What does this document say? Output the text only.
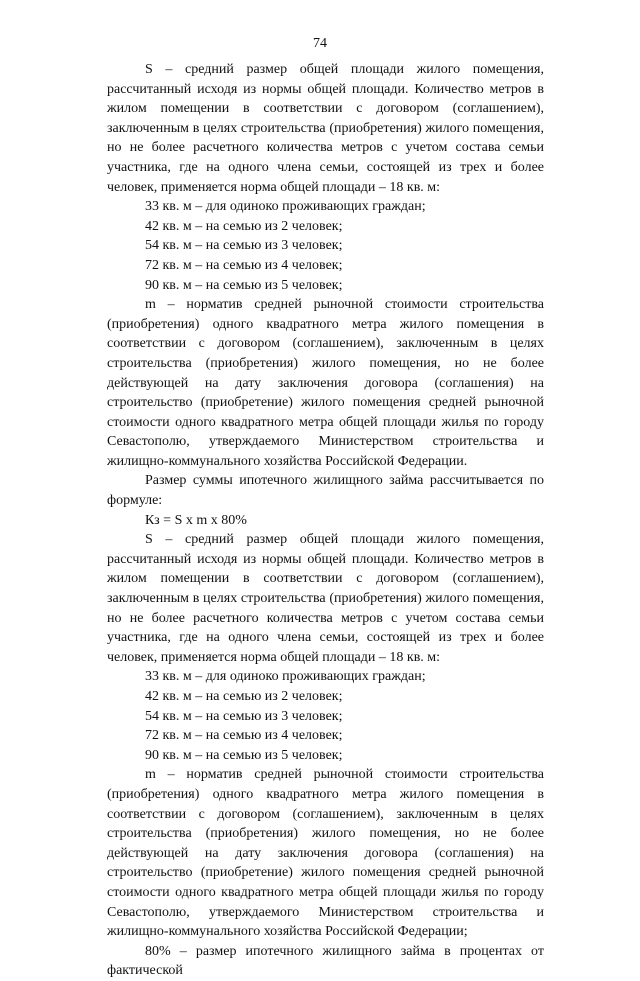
74

S – средний размер общей площади жилого помещения, рассчитанный исходя из нормы общей площади. Количество метров в жилом помещении в соответствии с договором (соглашением), заключенным в целях строительства (приобретения) жилого помещения, но не более расчетного количества метров с учетом состава семьи участника, где на одного члена семьи, состоящей из трех и более человек, применяется норма общей площади – 18 кв. м:

33 кв. м – для одиноко проживающих граждан;

42 кв. м – на семью из 2 человек;

54 кв. м – на семью из 3 человек;

72 кв. м – на семью из 4 человек;

90 кв. м – на семью из 5 человек;

m – норматив средней рыночной стоимости строительства (приобретения) одного квадратного метра жилого помещения в соответствии с договором (соглашением), заключенным в целях строительства (приобретения) жилого помещения, но не более действующей на дату заключения договора (соглашения) на строительство (приобретение) жилого помещения средней рыночной стоимости одного квадратного метра общей площади жилья по городу Севастополю, утверждаемого Министерством строительства и жилищно-коммунального хозяйства Российской Федерации.

Размер суммы ипотечного жилищного займа рассчитывается по формуле:

Кз = S x m x 80%

S – средний размер общей площади жилого помещения, рассчитанный исходя из нормы общей площади. Количество метров в жилом помещении в соответствии с договором (соглашением), заключенным в целях строительства (приобретения) жилого помещения, но не более расчетного количества метров с учетом состава семьи участника, где на одного члена семьи, состоящей из трех и более человек, применяется норма общей площади – 18 кв. м:

33 кв. м – для одиноко проживающих граждан;

42 кв. м – на семью из 2 человек;

54 кв. м – на семью из 3 человек;

72 кв. м – на семью из 4 человек;

90 кв. м – на семью из 5 человек;

m – норматив средней рыночной стоимости строительства (приобретения) одного квадратного метра жилого помещения в соответствии с договором (соглашением), заключенным в целях строительства (приобретения) жилого помещения, но не более действующей на дату заключения договора (соглашения) на строительство (приобретение) жилого помещения средней рыночной стоимости одного квадратного метра общей площади жилья по городу Севастополю, утверждаемого Министерством строительства и жилищно-коммунального хозяйства Российской Федерации;

80% – размер ипотечного жилищного займа в процентах от фактической
